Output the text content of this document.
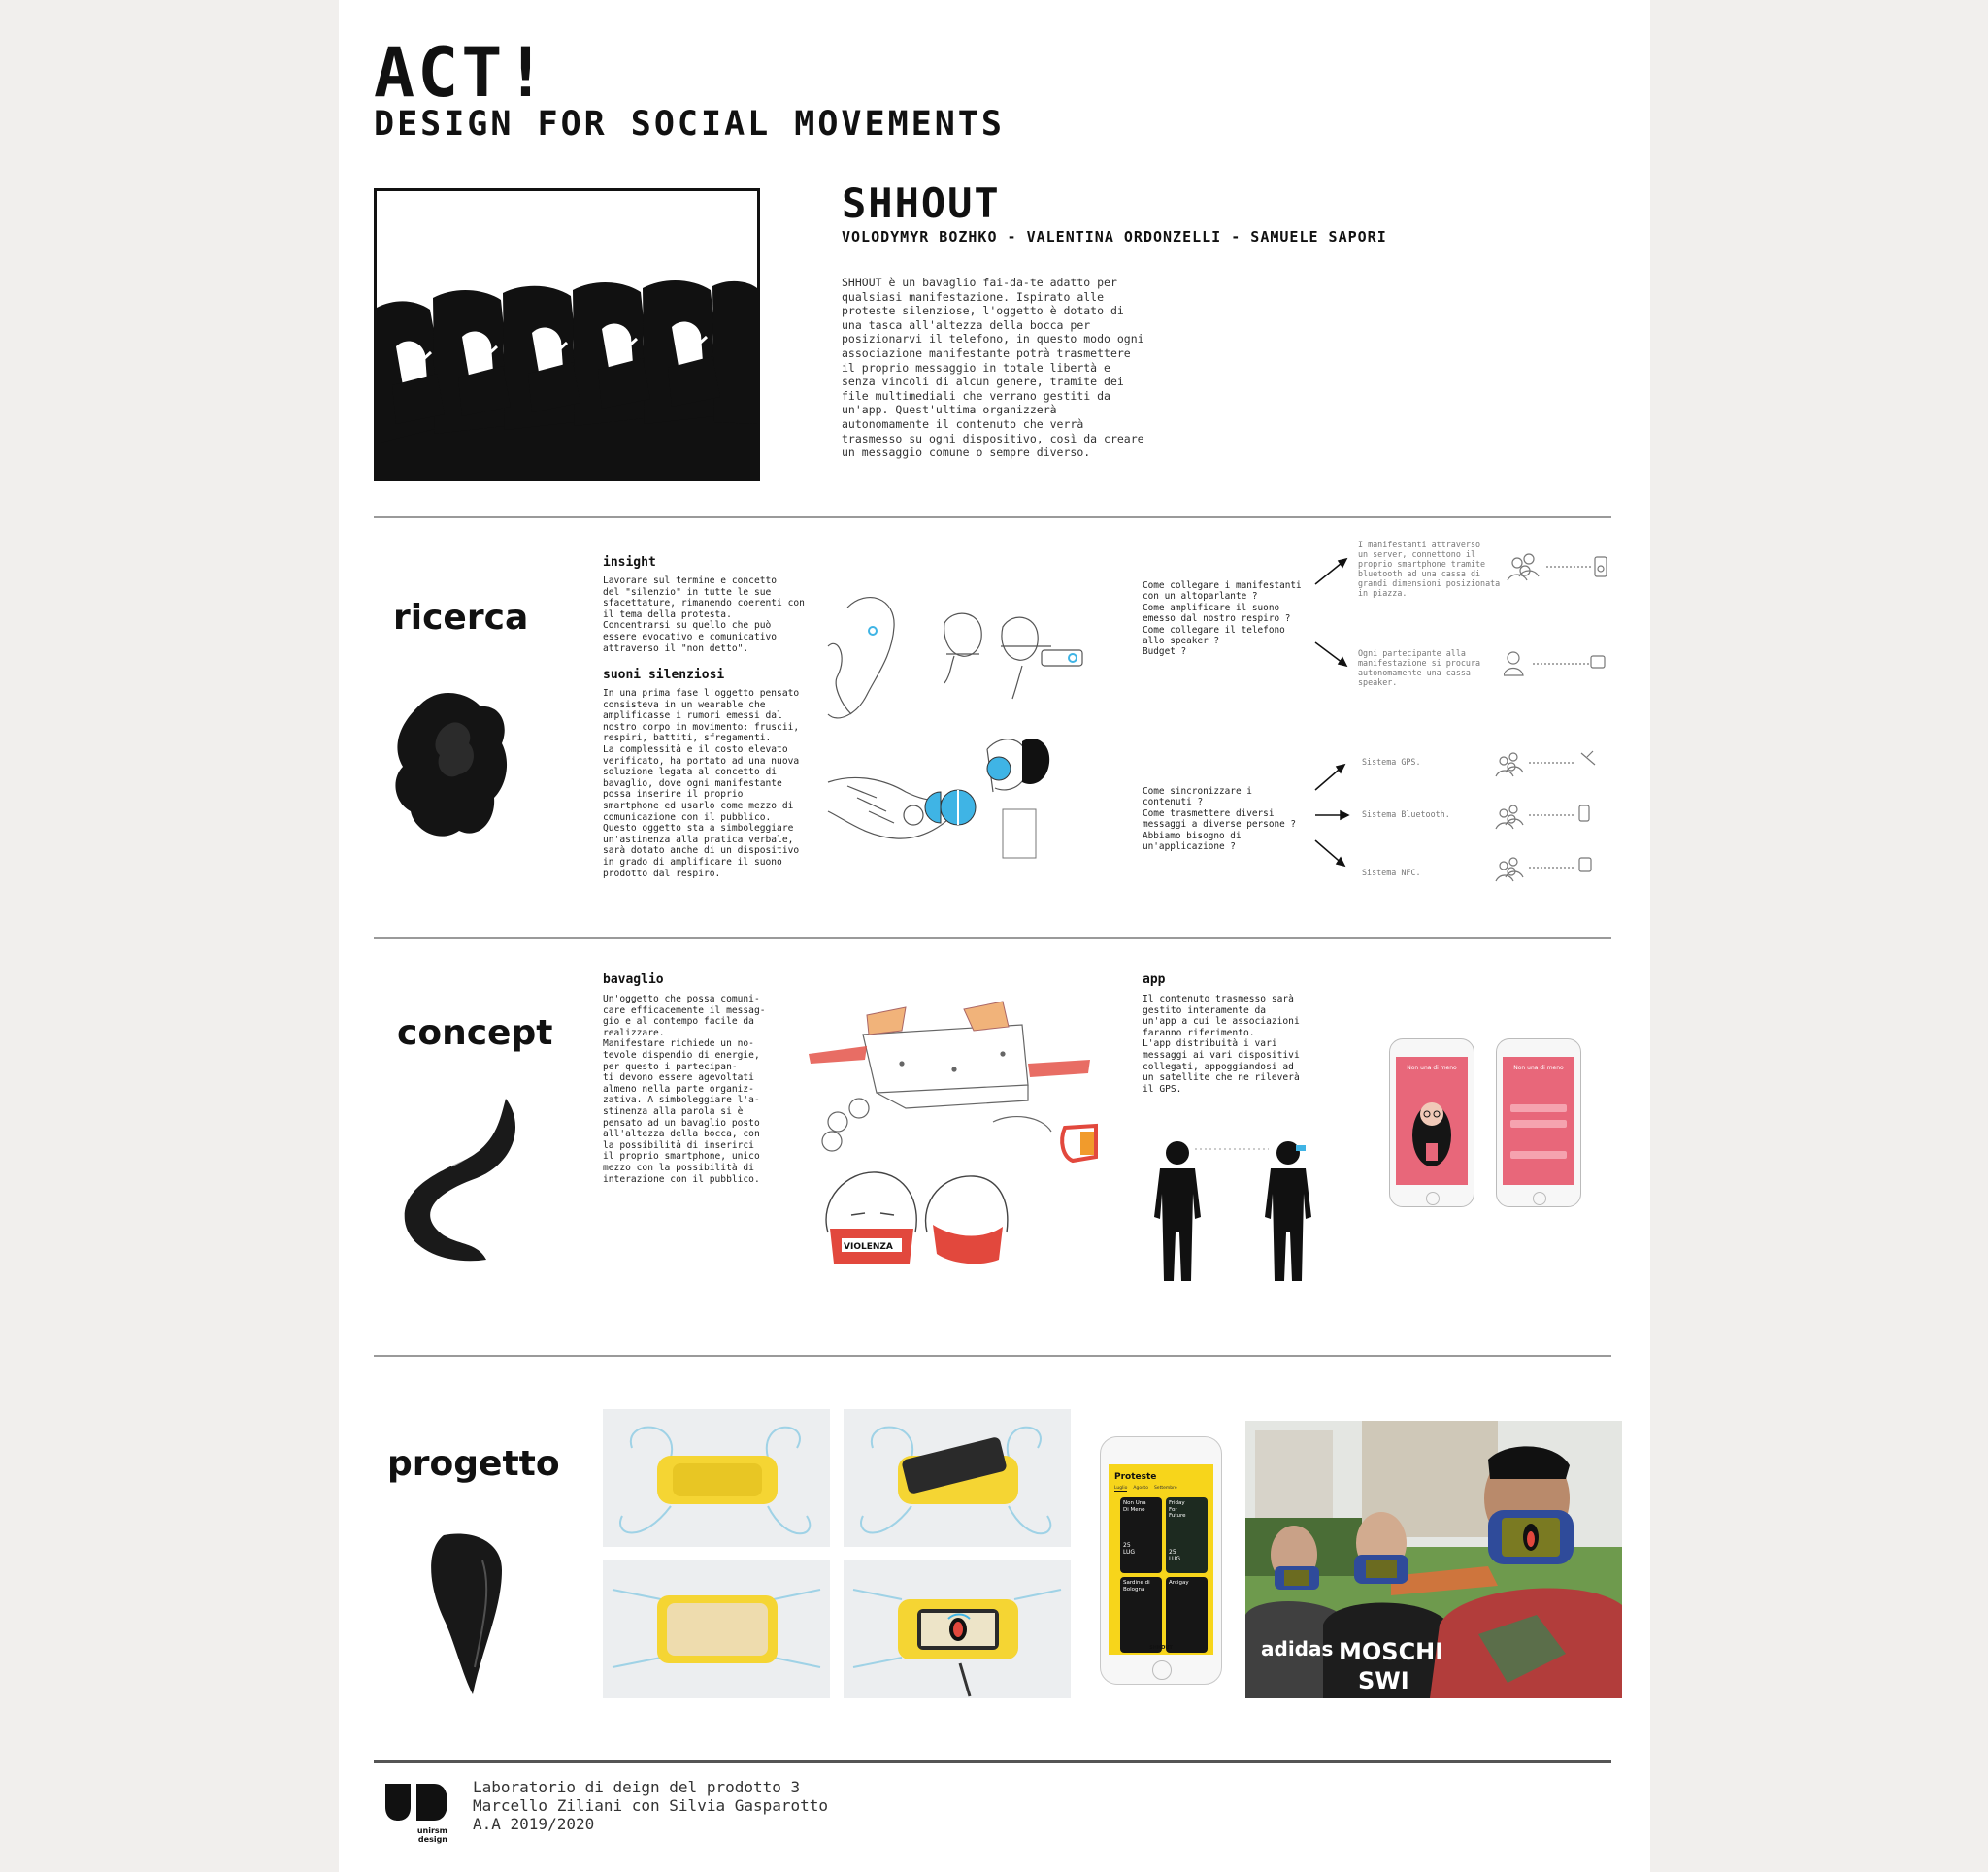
ACT!
DESIGN FOR SOCIAL MOVEMENTS
SHHOUT
VOLODYMYR BOZHKO - VALENTINA ORDONZELLI - SAMUELE SAPORI
SHHOUT è un bavaglio fai-da-te adatto per qualsiasi manifestazione. Ispirato alle proteste silenziose, l'oggetto è dotato di una tasca all'altezza della bocca per posizionarvi il telefono, in questo modo ogni associazione manifestante potrà trasmettere il proprio messaggio in totale libertà e senza vincoli di alcun genere, tramite dei file multimediali che verrano gestiti da un'app. Quest'ultima organizzerà autonomamente il contenuto che verrà trasmesso su ogni dispositivo, così da creare un messaggio comune o sempre diverso.
ricerca
insight
Lavorare sul termine e concetto
del "silenzio" in tutte le sue
sfacettature, rimanendo coerenti con
il tema della protesta.
Concentrarsi su quello che può
essere evocativo e comunicativo
attraverso il "non detto".
suoni silenziosi
In una prima fase l'oggetto pensato
consisteva in un wearable che
amplificasse i rumori emessi dal
nostro corpo in movimento: fruscii,
respiri, battiti, sfregamenti.
La complessità e il costo elevato
verificato, ha portato ad una nuova
soluzione legata al concetto di
bavaglio, dove ogni manifestante
possa inserire il proprio
smartphone ed usarlo come mezzo di
comunicazione con il pubblico.
Questo oggetto sta a simboleggiare
un'astinenza alla pratica verbale,
sarà dotato anche di un dispositivo
in grado di amplificare il suono
prodotto dal respiro.
Come collegare i manifestanti
con un altoparlante ?
Come amplificare il suono
emesso dal nostro respiro ?
Come collegare il telefono
allo speaker ?
Budget ?
I manifestanti attraverso
un server, connettono il
proprio smartphone tramite
bluetooth ad una cassa di
grandi dimensioni posizionata
in piazza.
Ogni partecipante alla
manifestazione si procura
autonomamente una cassa
speaker.
Come sincronizzare i
contenuti ?
Come trasmettere diversi
messaggi a diverse persone ?
Abbiamo bisogno di
un'applicazione ?
Sistema GPS.
Sistema Bluetooth.
Sistema NFC.
concept
bavaglio
Un'oggetto che possa comuni-
care efficacemente il messag-
gio e al contempo facile da
realizzare.
Manifestare richiede un no-
tevole dispendio di energie,
per questo i partecipan-
ti devono essere agevoltati
almeno nella parte organiz-
zativa. A simboleggiare l'a-
stinenza alla parola si è
pensato ad un bavaglio posto
all'altezza della bocca, con
la possibilità di inserirci
il proprio smartphone, unico
mezzo con la possibilità di
interazione con il pubblico.
VIOLENZA
app
Il contenuto trasmesso sarà
gestito interamente da
un'app a cui le associazioni
faranno riferimento.
L'app distribuità i vari
messaggi ai vari dispositivi
collegati, appoggiandosi ad
un satellite che ne rileverà
il GPS.
Non una di meno	Non una di meno
progetto	Proteste
Luglio Agosto Settembre
Non Una Di Meno
25 LUG
Friday For Future
25 LUG
Sardine di Bologna
Arcigay
SHHOUT	adidas MOSCHI
SWI
unirsm
design
Laboratorio di deign del prodotto 3
Marcello Ziliani con Silvia Gasparotto
A.A 2019/2020
